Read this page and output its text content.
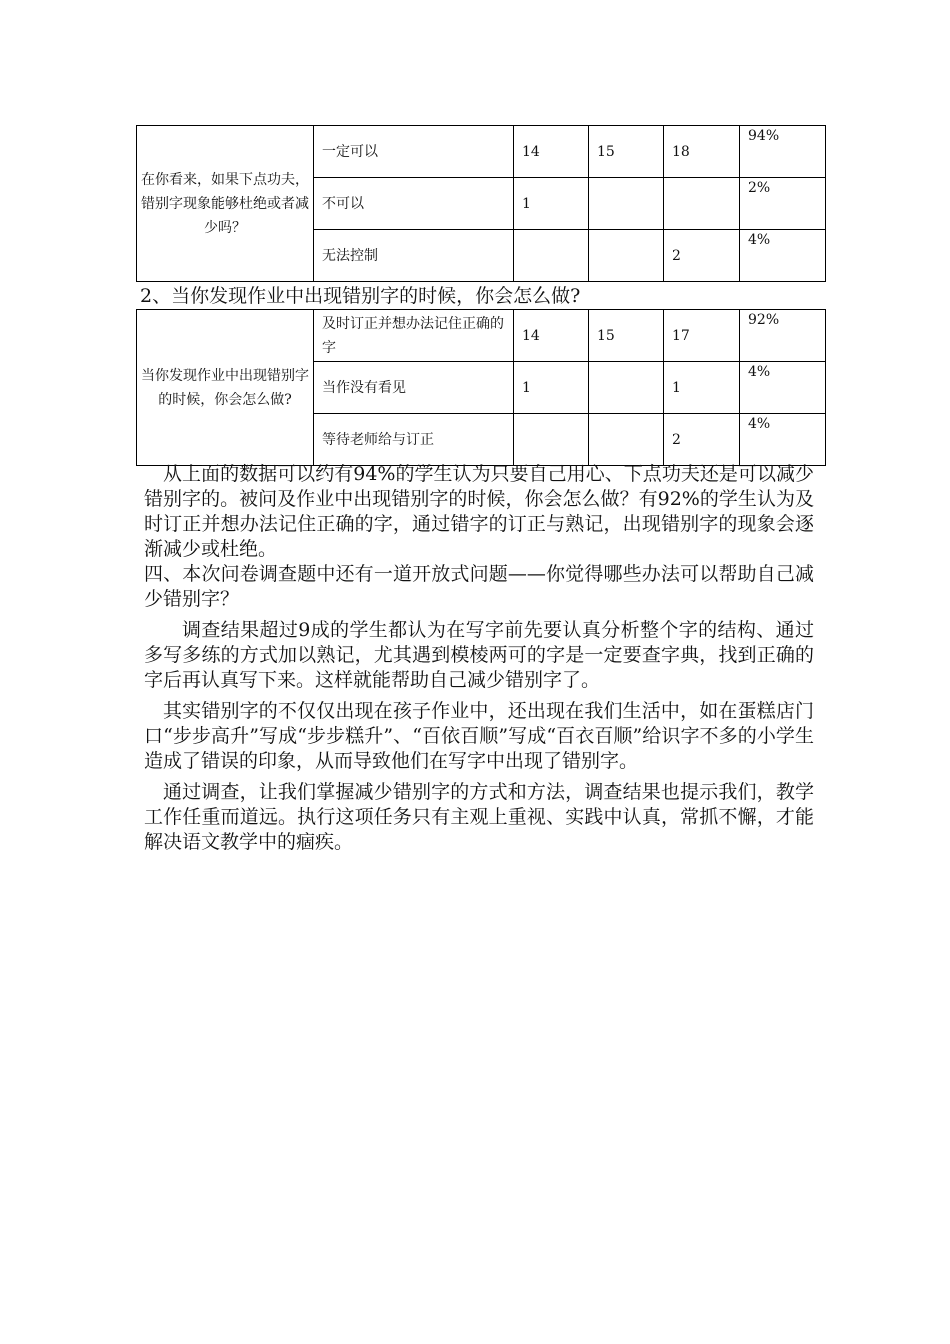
在你看来，如果下点功夫，错别字现象能够杜绝或者减少吗？	一定可以	14	15	18	94%
	不可以	1			2%
	无法控制			2	4%
2、当你发现作业中出现错别字的时候，你会怎么做?
当你发现作业中出现错别字的时候，你会怎么做?	及时订正并想办法记住正确的字	14	15	17	92%
	当作没有看见	1		1	4%
	等待老师给与订正			2	4%

从上面的数据可以约有94%的学生认为只要自己用心、下点功夫还是可以减少错别字的。被问及作业中出现错别字的时候，你会怎么做？有92%的学生认为及时订正并想办法记住正确的字，通过错字的订正与熟记，出现错别字的现象会逐渐减少或杜绝。

四、本次问卷调查题中还有一道开放式问题——你觉得哪些办法可以帮助自己减少错别字？

调查结果超过9成的学生都认为在写字前先要认真分析整个字的结构、通过多写多练的方式加以熟记，尤其遇到模棱两可的字是一定要查字典，找到正确的字后再认真写下来。这样就能帮助自己减少错别字了。

其实错别字的不仅仅出现在孩子作业中，还出现在我们生活中，如在蛋糕店门口“步步高升”写成“步步糕升”、“百依百顺”写成“百衣百顺”给识字不多的小学生造成了错误的印象，从而导致他们在写字中出现了错别字。

通过调查，让我们掌握减少错别字的方式和方法，调查结果也提示我们，教学工作任重而道远。执行这项任务只有主观上重视、实践中认真，常抓不懈，才能解决语文教学中的痼疾。
